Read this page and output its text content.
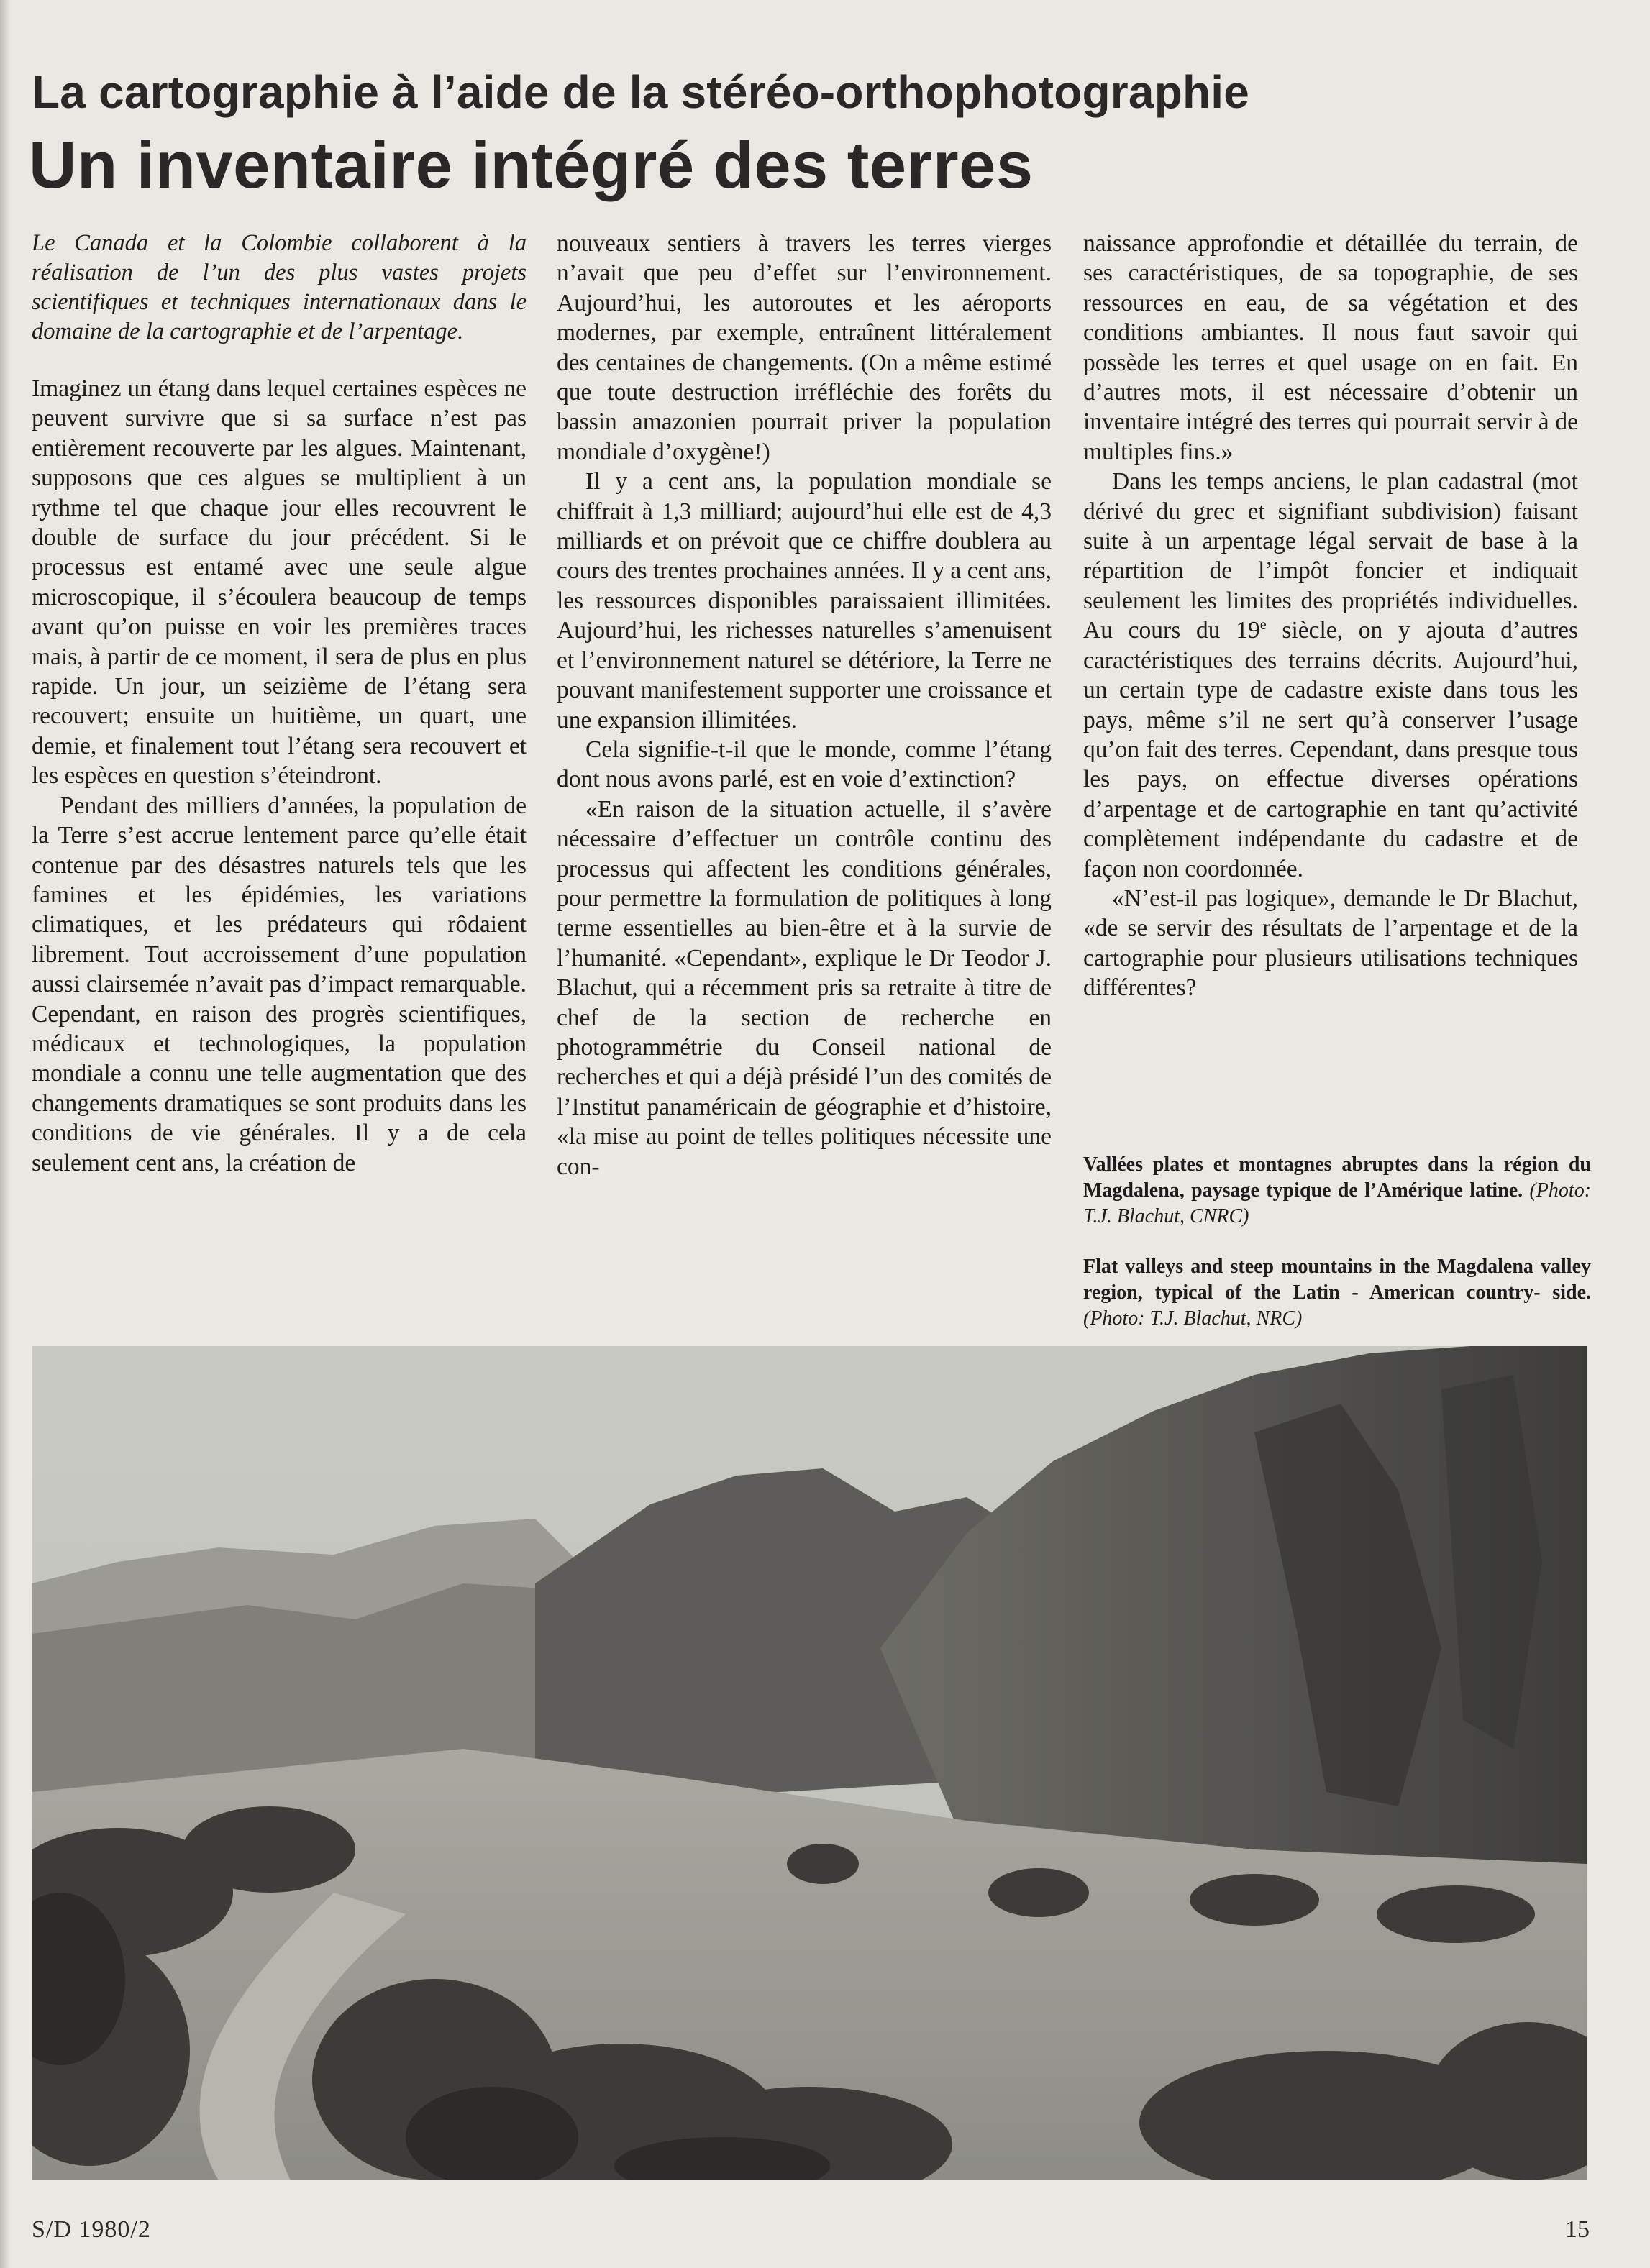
La cartographie à l’aide de la stéréo-orthophotographie
Un inventaire intégré des terres

Le Canada et la Colombie collaborent à la réalisation de l’un des plus vastes projets scientifiques et techniques internationaux dans le domaine de la cartographie et de l’arpentage.

Imaginez un étang dans lequel certaines espèces ne peuvent survivre que si sa surface n’est pas entièrement recouverte par les algues. Maintenant, supposons que ces algues se multiplient à un rythme tel que chaque jour elles recouvrent le double de surface du jour précédent. Si le processus est entamé avec une seule algue microscopique, il s’écoulera beaucoup de temps avant qu’on puisse en voir les premières traces mais, à partir de ce moment, il sera de plus en plus rapide. Un jour, un seizième de l’étang sera recouvert; ensuite un huitième, un quart, une demie, et finalement tout l’étang sera recouvert et les espèces en question s’éteindront.

Pendant des milliers d’années, la population de la Terre s’est accrue lentement parce qu’elle était contenue par des désastres naturels tels que les famines et les épidémies, les variations climatiques, et les prédateurs qui rôdaient librement. Tout accroissement d’une population aussi clairsemée n’avait pas d’impact remarquable. Cependant, en raison des progrès scientifiques, médicaux et technologiques, la population mondiale a connu une telle augmentation que des changements dramatiques se sont produits dans les conditions de vie générales. Il y a de cela seulement cent ans, la création de

nouveaux sentiers à travers les terres vierges n’avait que peu d’effet sur l’environnement. Aujourd’hui, les autoroutes et les aéroports modernes, par exemple, entraînent littéralement des centaines de changements. (On a même estimé que toute destruction irréfléchie des forêts du bassin amazonien pourrait priver la population mondiale d’oxygène!)

Il y a cent ans, la population mondiale se chiffrait à 1,3 milliard; aujourd’hui elle est de 4,3 milliards et on prévoit que ce chiffre doublera au cours des trentes prochaines années. Il y a cent ans, les ressources disponibles paraissaient illimitées. Aujourd’hui, les richesses naturelles s’amenuisent et l’environnement naturel se détériore, la Terre ne pouvant manifestement supporter une croissance et une expansion illimitées.

Cela signifie-t-il que le monde, comme l’étang dont nous avons parlé, est en voie d’extinction?

«En raison de la situation actuelle, il s’avère nécessaire d’effectuer un contrôle continu des processus qui affectent les conditions générales, pour permettre la formulation de politiques à long terme essentielles au bien-être et à la survie de l’humanité. «Cependant», explique le Dr Teodor J. Blachut, qui a récemment pris sa retraite à titre de chef de la section de recherche en photogrammétrie du Conseil national de recherches et qui a déjà présidé l’un des comités de l’Institut panaméricain de géographie et d’histoire, «la mise au point de telles politiques nécessite une con-

naissance approfondie et détaillée du terrain, de ses caractéristiques, de sa topographie, de ses ressources en eau, de sa végétation et des conditions ambiantes. Il nous faut savoir qui possède les terres et quel usage on en fait. En d’autres mots, il est nécessaire d’obtenir un inventaire intégré des terres qui pourrait servir à de multiples fins.»

Dans les temps anciens, le plan cadastral (mot dérivé du grec et signifiant subdivision) faisant suite à un arpentage légal servait de base à la répartition de l’impôt foncier et indiquait seulement les limites des propriétés individuelles. Au cours du 19e siècle, on y ajouta d’autres caractéristiques des terrains décrits. Aujourd’hui, un certain type de cadastre existe dans tous les pays, même s’il ne sert qu’à conserver l’usage qu’on fait des terres. Cependant, dans presque tous les pays, on effectue diverses opérations d’arpentage et de cartographie en tant qu’activité complètement indépendante du cadastre et de façon non coordonnée.

«N’est-il pas logique», demande le Dr Blachut, «de se servir des résultats de l’arpentage et de la cartographie pour plusieurs utilisations techniques différentes?

Vallées plates et montagnes abruptes dans la région du Magdalena, paysage typique de l’Amérique latine. (Photo: T.J. Blachut, CNRC)

Flat valleys and steep mountains in the Magdalena valley region, typical of the Latin - American country- side. (Photo: T.J. Blachut, NRC)

S/D 1980/2	15
